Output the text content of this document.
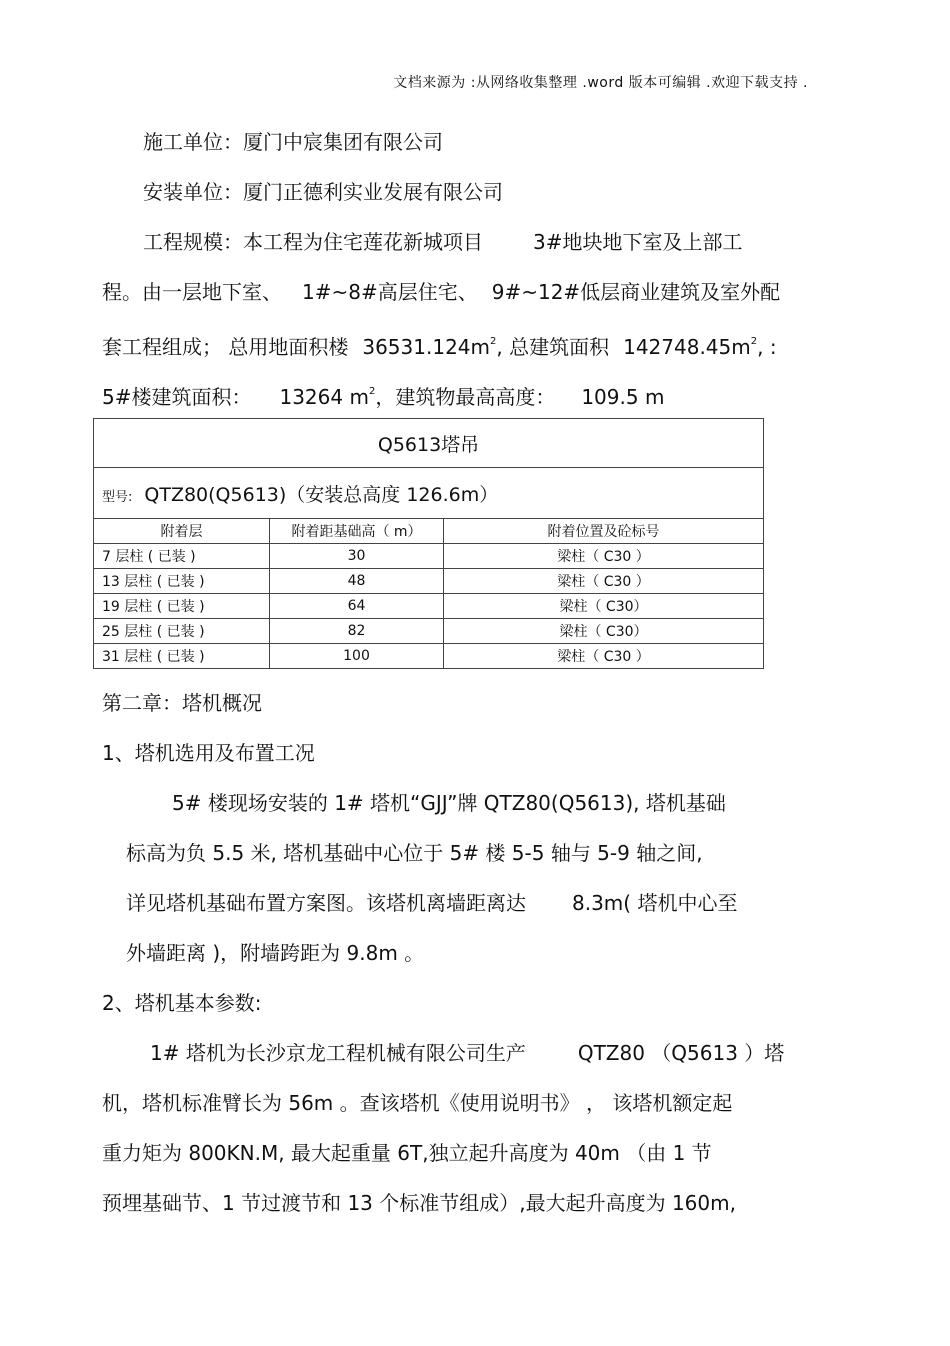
文档来源为 :从网络收集整理 .word 版本可编辑 .欢迎下载支持 .
施工单位：厦门中宸集团有限公司
安装单位：厦门正德利实业发展有限公司
工程规模：本工程为住宅莲花新城项目	3#地块地下室及上部工
程。由一层地下室、 1#~8#高层住宅、 9#~12#低层商业建筑及室外配
套工程组成； 总用地面积楼 $36531.124m^2$, 总建筑面积 $142748.45m^2$, :
5#楼建筑面积： 13264 $m^2$，建筑物最高高度： 109.5 m
Q5613塔吊		
型号: QTZ80(Q5613)（安装总高度 126.6m）		
附着层	附着距基础高（ m）	附着位置及砼标号
7 层柱 ( 已装 )	30	梁柱（ C30 ）
13 层柱 ( 已装 )	48	梁柱（ C30 ）
19 层柱 ( 已装 )	64	梁柱（ C30）
25 层柱 ( 已装 )	82	梁柱（ C30）
31 层柱 ( 已装 )	100	梁柱（ C30 ）
第二章：塔机概况
1、塔机选用及布置工况
5# 楼现场安装的 1# 塔机“GJJ”牌 QTZ80(Q5613), 塔机基础
标高为负 5.5 米, 塔机基础中心位于 5# 楼 5-5 轴与 5-9 轴之间,
详见塔机基础布置方案图。该塔机离墙距离达 8.3m( 塔机中心至
外墙距离 )，附墙跨距为 9.8m 。
2、塔机基本参数:
1# 塔机为长沙京龙工程机械有限公司生产	QTZ80 （Q5613 ）塔
机，塔机标准臂长为 56m 。查该塔机《使用说明书》 ， 该塔机额定起
重力矩为 800KN.M, 最大起重量 6T,独立起升高度为 40m （由 1 节
预埋基础节、1 节过渡节和 13 个标准节组成）,最大起升高度为 160m,
